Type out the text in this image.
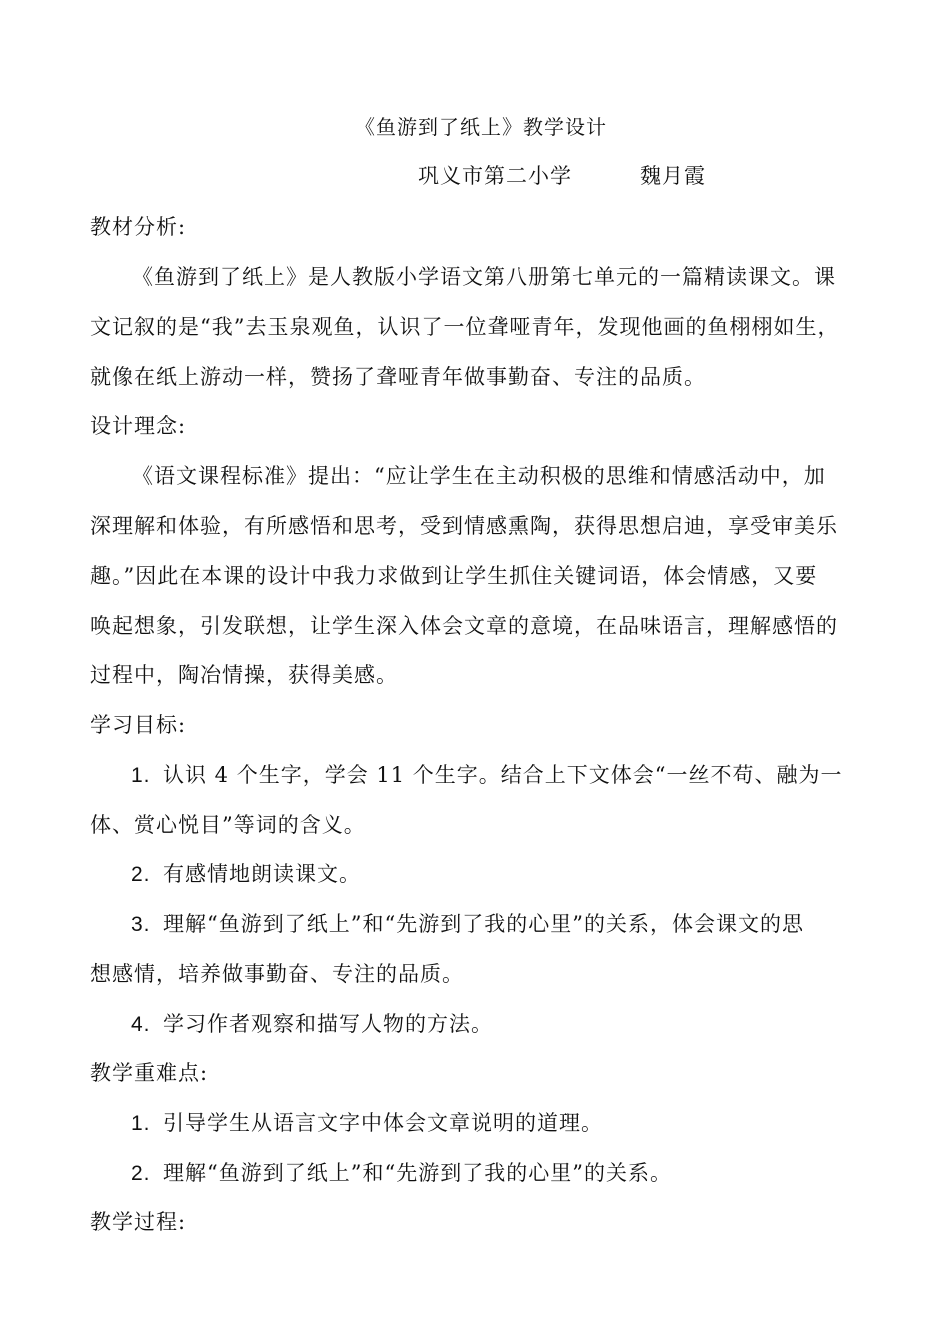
《鱼游到了纸上》教学设计
巩义市第二小学	魏月霞
教材分析:
《鱼游到了纸上》是人教版小学语文第八册第七单元的一篇精读课文。课
文记叙的是“我”去玉泉观鱼，认识了一位聋哑青年，发现他画的鱼栩栩如生，
就像在纸上游动一样，赞扬了聋哑青年做事勤奋、专注的品质。
设计理念:
《语文课程标准》提出：“应让学生在主动积极的思维和情感活动中，加
深理解和体验，有所感悟和思考，受到情感熏陶，获得思想启迪，享受审美乐
趣。”因此在本课的设计中我力求做到让学生抓住关键词语，体会情感，又要
唤起想象，引发联想，让学生深入体会文章的意境，在品味语言，理解感悟的
过程中，陶冶情操，获得美感。
学习目标:
1. 认识 4 个生字，学会 11 个生字。结合上下文体会“一丝不苟、融为一
体、赏心悦目”等词的含义。
2. 有感情地朗读课文。
3. 理解“鱼游到了纸上”和“先游到了我的心里”的关系，体会课文的思
想感情，培养做事勤奋、专注的品质。
4. 学习作者观察和描写人物的方法。
教学重难点:
1. 引导学生从语言文字中体会文章说明的道理。
2. 理解“鱼游到了纸上”和“先游到了我的心里”的关系。
教学过程:
